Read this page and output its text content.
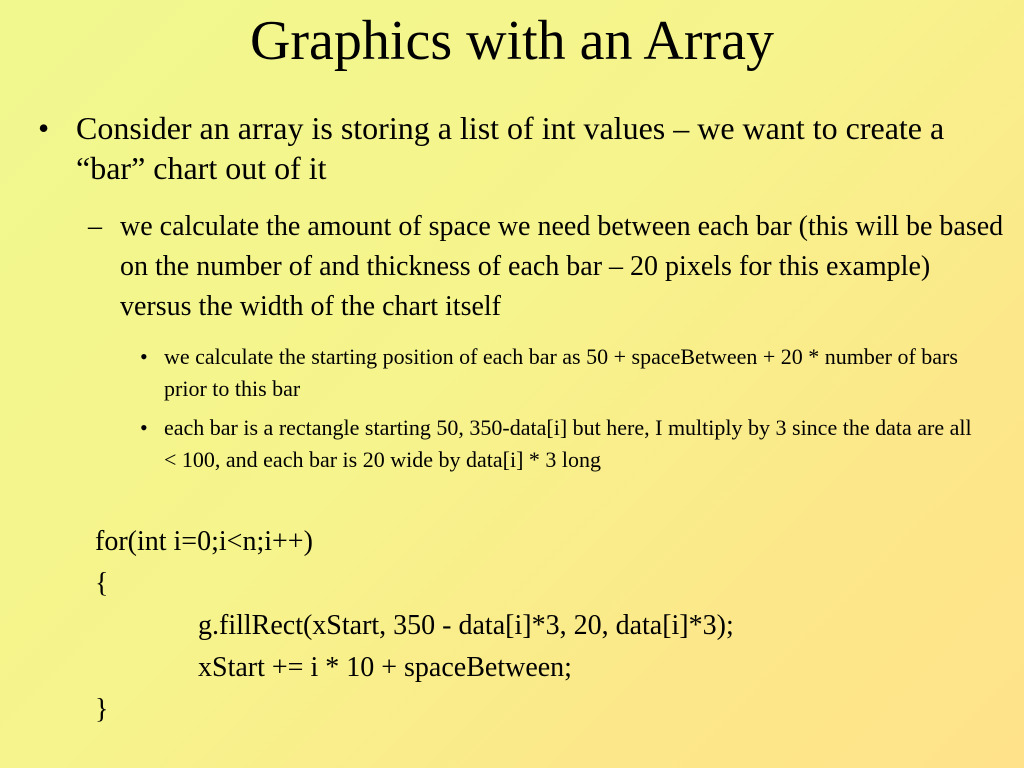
Graphics with an Array
• Consider an array is storing a list of int values – we want to create a “bar” chart out of it
– we calculate the amount of space we need between each bar (this will be based on the number of and thickness of each bar – 20 pixels for this example) versus the width of the chart itself
• we calculate the starting position of each bar as 50 + spaceBetween + 20 * number of bars prior to this bar
• each bar is a rectangle starting 50, 350-data[i] but here, I multiply by 3 since the data are all < 100, and each bar is 20 wide by data[i] * 3 long
for(int i=0;i<n;i++)
{
g.fillRect(xStart, 350 - data[i]*3, 20, data[i]*3);
xStart += i * 10 + spaceBetween;
}
